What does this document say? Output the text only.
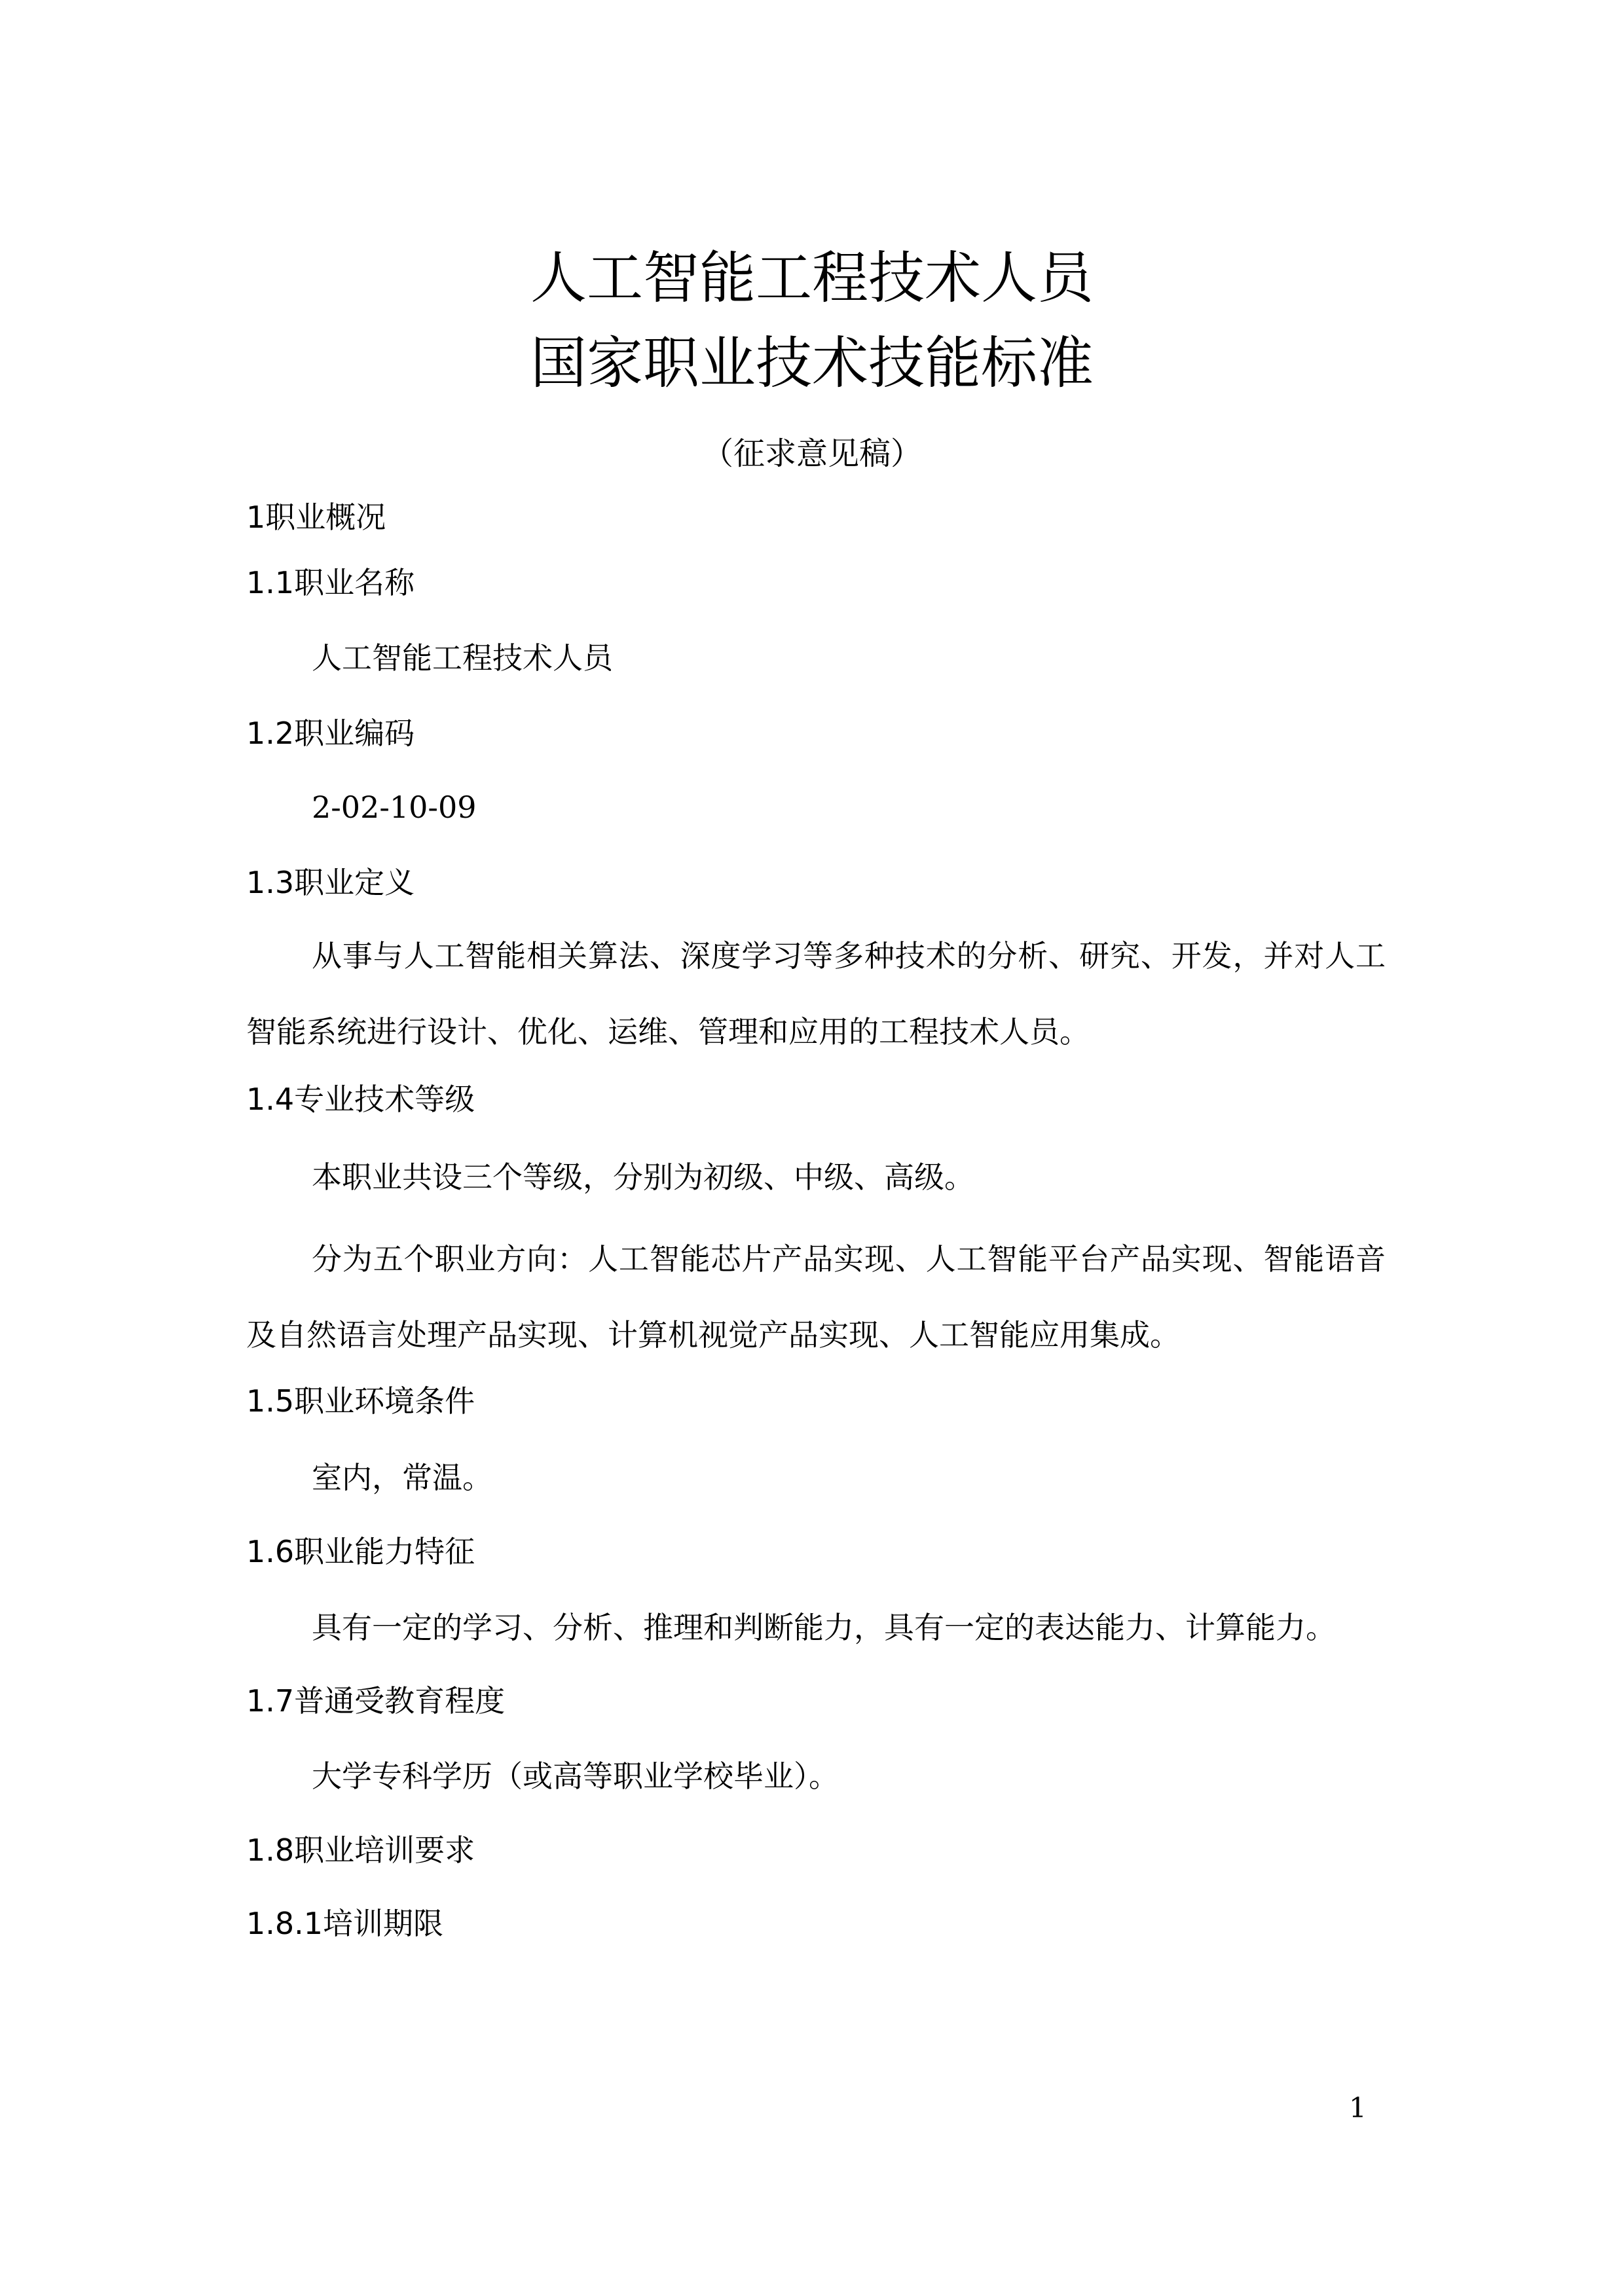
人工智能工程技术人员
国家职业技术技能标准
（征求意见稿）
1职业概况
1.1职业名称
人工智能工程技术人员
1.2职业编码
2-02-10-09
1.3职业定义
从事与人工智能相关算法、深度学习等多种技术的分析、研究、开发，并对人工智能系统进行设计、优化、运维、管理和应用的工程技术人员。
1.4专业技术等级
本职业共设三个等级，分别为初级、中级、高级。
分为五个职业方向：人工智能芯片产品实现、人工智能平台产品实现、智能语音及自然语言处理产品实现、计算机视觉产品实现、人工智能应用集成。
1.5职业环境条件
室内，常温。
1.6职业能力特征
具有一定的学习、分析、推理和判断能力，具有一定的表达能力、计算能力。
1.7普通受教育程度
大学专科学历（或高等职业学校毕业）。
1.8职业培训要求
1.8.1培训期限
1
